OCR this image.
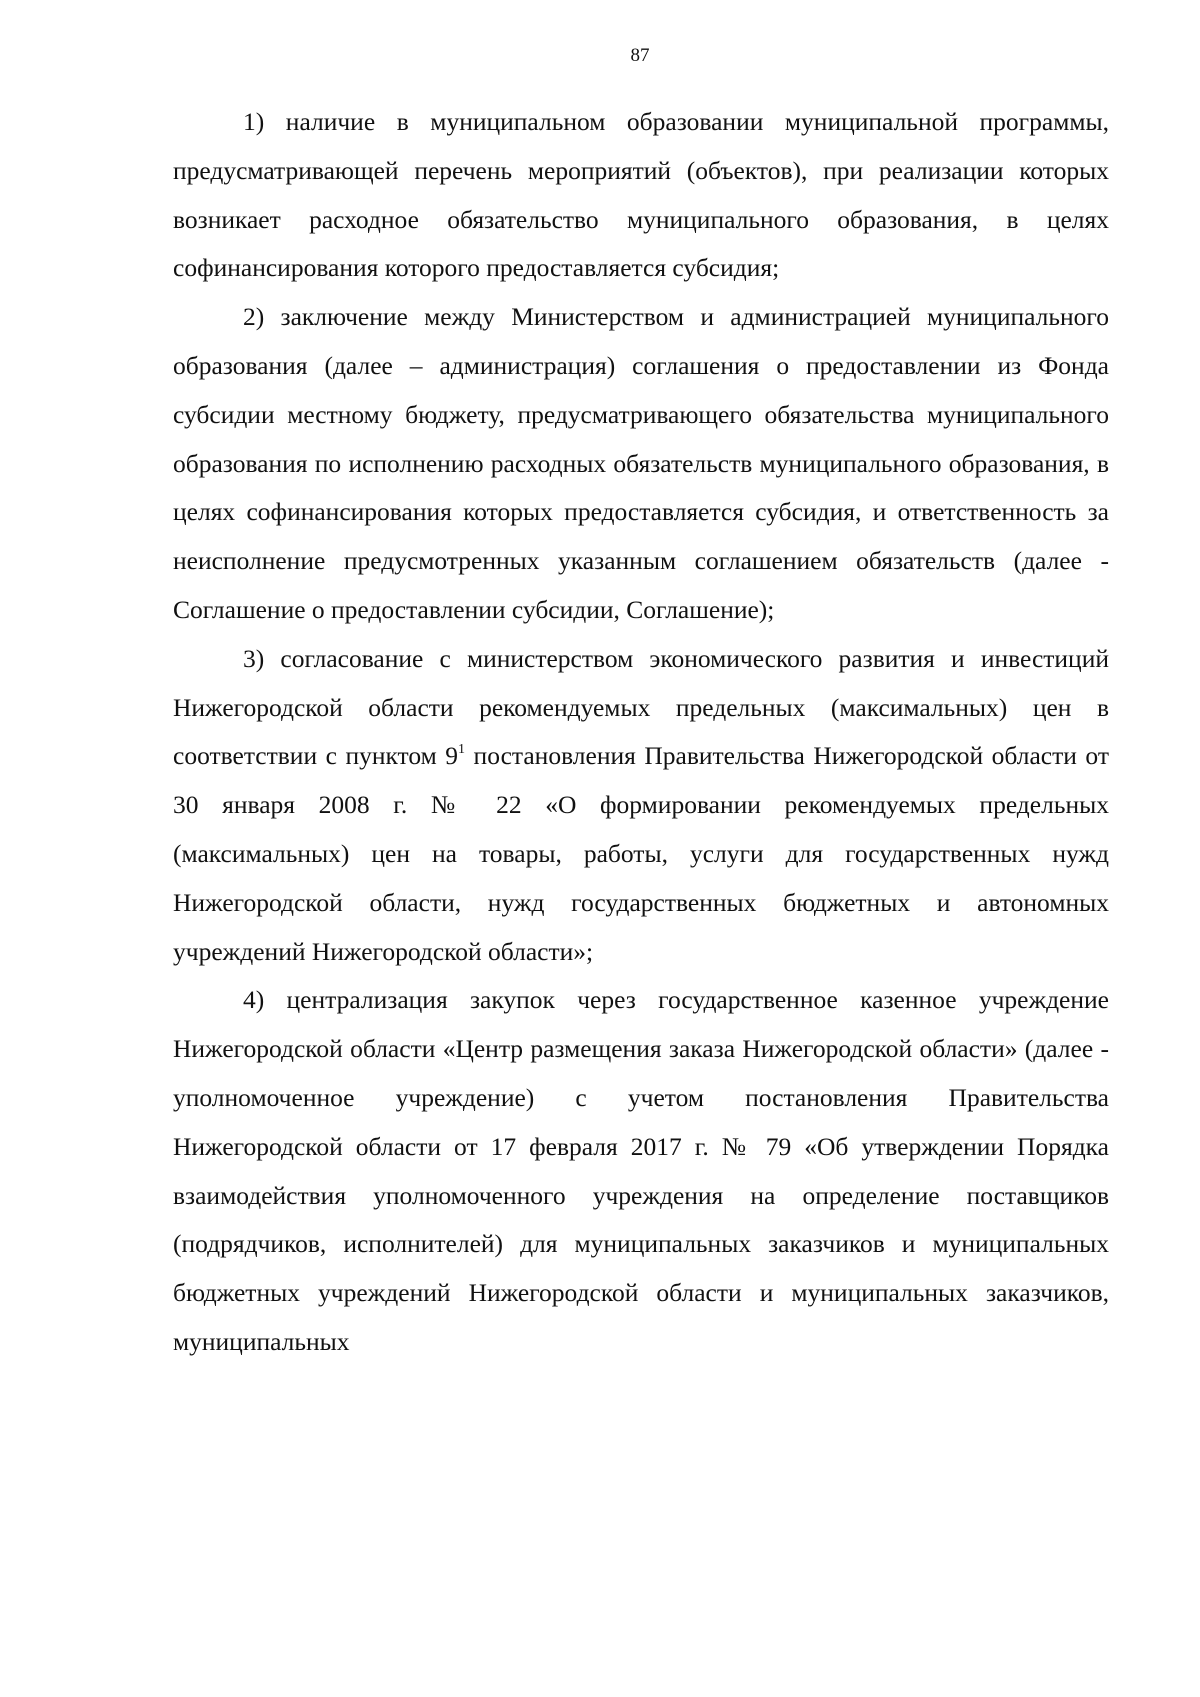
87

1) наличие в муниципальном образовании муниципальной программы, предусматривающей перечень мероприятий (объектов), при реализации которых возникает расходное обязательство муниципального образования, в целях софинансирования которого предоставляется субсидия;

2) заключение между Министерством и администрацией муниципального образования (далее – администрация) соглашения о предоставлении из Фонда субсидии местному бюджету, предусматривающего обязательства муниципального образования по исполнению расходных обязательств муниципального образования, в целях софинансирования которых предоставляется субсидия, и ответственность за неисполнение предусмотренных указанным соглашением обязательств (далее - Соглашение о предоставлении субсидии, Соглашение);

3) согласование с министерством экономического развития и инвестиций Нижегородской области рекомендуемых предельных (максимальных) цен в соответствии с пунктом $9^1$ постановления Правительства Нижегородской области от 30 января 2008 г. № 22 «О формировании рекомендуемых предельных (максимальных) цен на товары, работы, услуги для государственных нужд Нижегородской области, нужд государственных бюджетных и автономных учреждений Нижегородской области»;

4) централизация закупок через государственное казенное учреждение Нижегородской области «Центр размещения заказа Нижегородской области» (далее - уполномоченное учреждение) с учетом постановления Правительства Нижегородской области от 17 февраля 2017 г. № 79 «Об утверждении Порядка взаимодействия уполномоченного учреждения на определение поставщиков (подрядчиков, исполнителей) для муниципальных заказчиков и муниципальных бюджетных учреждений Нижегородской области и муниципальных заказчиков, муниципальных
